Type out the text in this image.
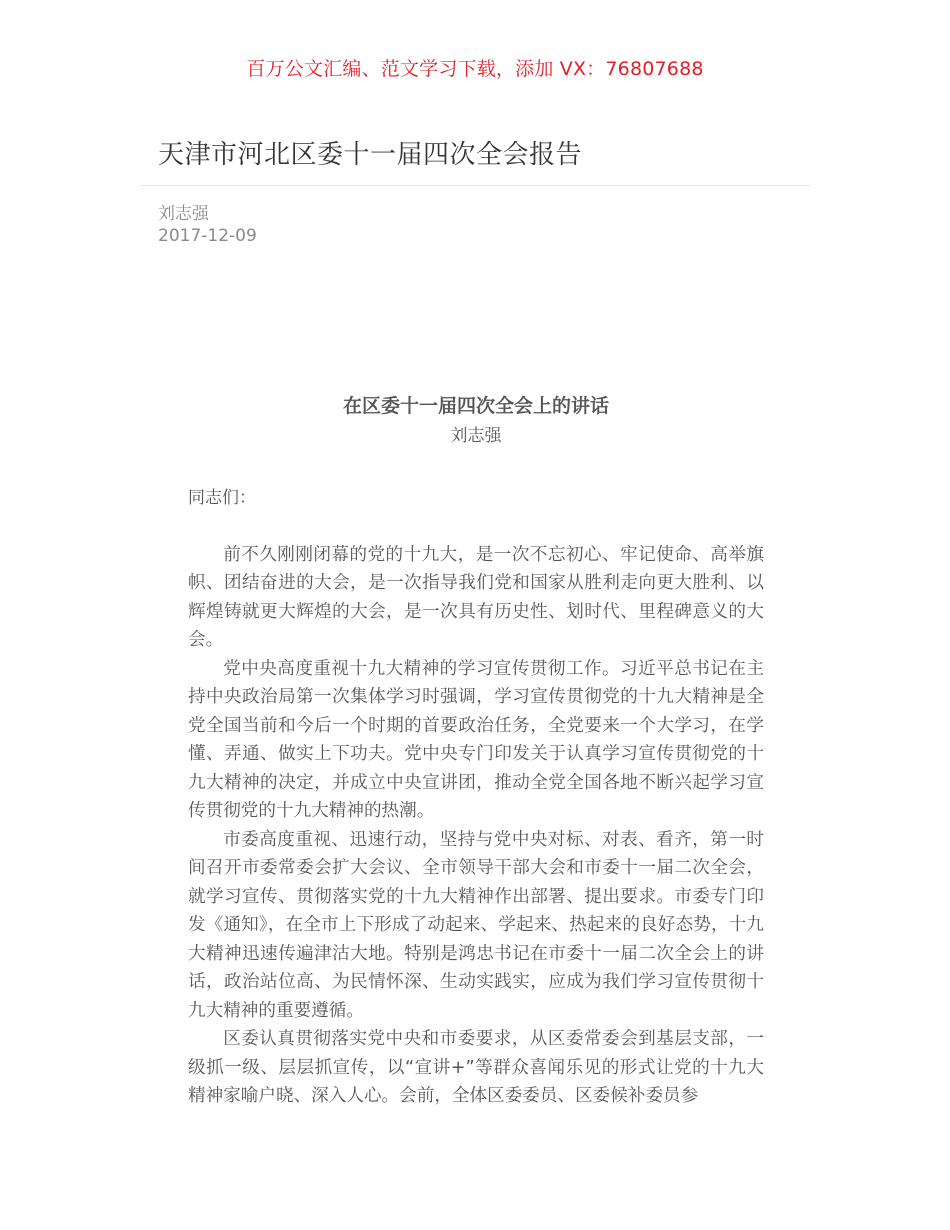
百万公文汇编、范文学习下载，添加 VX：76807688
天津市河北区委十一届四次全会报告
刘志强
2017-12-09
在区委十一届四次全会上的讲话
刘志强
同志们：

前不久刚刚闭幕的党的十九大，是一次不忘初心、牢记使命、高举旗帜、团结奋进的大会，是一次指导我们党和国家从胜利走向更大胜利、以辉煌铸就更大辉煌的大会，是一次具有历史性、划时代、里程碑意义的大会。

党中央高度重视十九大精神的学习宣传贯彻工作。习近平总书记在主持中央政治局第一次集体学习时强调，学习宣传贯彻党的十九大精神是全党全国当前和今后一个时期的首要政治任务，全党要来一个大学习，在学懂、弄通、做实上下功夫。党中央专门印发关于认真学习宣传贯彻党的十九大精神的决定，并成立中央宣讲团，推动全党全国各地不断兴起学习宣传贯彻党的十九大精神的热潮。

市委高度重视、迅速行动，坚持与党中央对标、对表、看齐，第一时间召开市委常委会扩大会议、全市领导干部大会和市委十一届二次全会，就学习宣传、贯彻落实党的十九大精神作出部署、提出要求。市委专门印发《通知》，在全市上下形成了动起来、学起来、热起来的良好态势，十九大精神迅速传遍津沽大地。特别是鸿忠书记在市委十一届二次全会上的讲话，政治站位高、为民情怀深、生动实践实，应成为我们学习宣传贯彻十九大精神的重要遵循。

区委认真贯彻落实党中央和市委要求，从区委常委会到基层支部，一级抓一级、层层抓宣传，以“宣讲+”等群众喜闻乐见的形式让党的十九大精神家喻户晓、深入人心。会前，全体区委委员、区委候补委员参
